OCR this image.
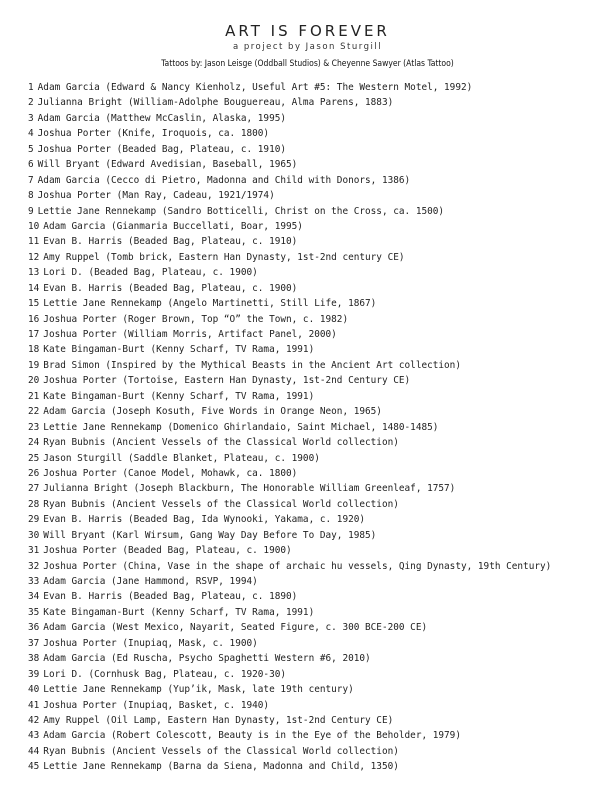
ART IS FOREVER
a project by Jason Sturgill
Tattoos by: Jason Leisge (Oddball Studios) & Cheyenne Sawyer (Atlas Tattoo)
1 Adam Garcia (Edward & Nancy Kienholz, Useful Art #5: The Western Motel, 1992)
2 Julianna Bright (William-Adolphe Bouguereau, Alma Parens, 1883)
3 Adam Garcia (Matthew McCaslin, Alaska, 1995)
4 Joshua Porter (Knife, Iroquois, ca. 1800)
5 Joshua Porter (Beaded Bag, Plateau, c. 1910)
6 Will Bryant (Edward Avedisian, Baseball, 1965)
7 Adam Garcia (Cecco di Pietro, Madonna and Child with Donors, 1386)
8 Joshua Porter (Man Ray, Cadeau, 1921/1974)
9 Lettie Jane Rennekamp (Sandro Botticelli, Christ on the Cross, ca. 1500)
10 Adam Garcia (Gianmaria Buccellati, Boar, 1995)
11 Evan B. Harris (Beaded Bag, Plateau, c. 1910)
12 Amy Ruppel (Tomb brick, Eastern Han Dynasty, 1st-2nd century CE)
13 Lori D. (Beaded Bag, Plateau, c. 1900)
14 Evan B. Harris (Beaded Bag, Plateau, c. 1900)
15 Lettie Jane Rennekamp (Angelo Martinetti, Still Life, 1867)
16 Joshua Porter (Roger Brown, Top “O” the Town, c. 1982)
17 Joshua Porter (William Morris, Artifact Panel, 2000)
18 Kate Bingaman-Burt (Kenny Scharf, TV Rama, 1991)
19 Brad Simon (Inspired by the Mythical Beasts in the Ancient Art collection)
20 Joshua Porter (Tortoise, Eastern Han Dynasty, 1st-2nd Century CE)
21 Kate Bingaman-Burt (Kenny Scharf, TV Rama, 1991)
22 Adam Garcia (Joseph Kosuth, Five Words in Orange Neon, 1965)
23 Lettie Jane Rennekamp (Domenico Ghirlandaio, Saint Michael, 1480-1485)
24 Ryan Bubnis (Ancient Vessels of the Classical World collection)
25 Jason Sturgill (Saddle Blanket, Plateau, c. 1900)
26 Joshua Porter (Canoe Model, Mohawk, ca. 1800)
27 Julianna Bright (Joseph Blackburn, The Honorable William Greenleaf, 1757)
28 Ryan Bubnis (Ancient Vessels of the Classical World collection)
29 Evan B. Harris (Beaded Bag, Ida Wynooki, Yakama, c. 1920)
30 Will Bryant (Karl Wirsum, Gang Way Day Before To Day, 1985)
31 Joshua Porter (Beaded Bag, Plateau, c. 1900)
32 Joshua Porter (China, Vase in the shape of archaic hu vessels, Qing Dynasty, 19th Century)
33 Adam Garcia (Jane Hammond, RSVP, 1994)
34 Evan B. Harris (Beaded Bag, Plateau, c. 1890)
35 Kate Bingaman-Burt (Kenny Scharf, TV Rama, 1991)
36 Adam Garcia (West Mexico, Nayarit, Seated Figure, c. 300 BCE-200 CE)
37 Joshua Porter (Inupiaq, Mask, c. 1900)
38 Adam Garcia (Ed Ruscha, Psycho Spaghetti Western #6, 2010)
39 Lori D. (Cornhusk Bag, Plateau, c. 1920-30)
40 Lettie Jane Rennekamp (Yup’ik, Mask, late 19th century)
41 Joshua Porter (Inupiaq, Basket, c. 1940)
42 Amy Ruppel (Oil Lamp, Eastern Han Dynasty, 1st-2nd Century CE)
43 Adam Garcia (Robert Colescott, Beauty is in the Eye of the Beholder, 1979)
44 Ryan Bubnis (Ancient Vessels of the Classical World collection)
45 Lettie Jane Rennekamp (Barna da Siena, Madonna and Child, 1350)
